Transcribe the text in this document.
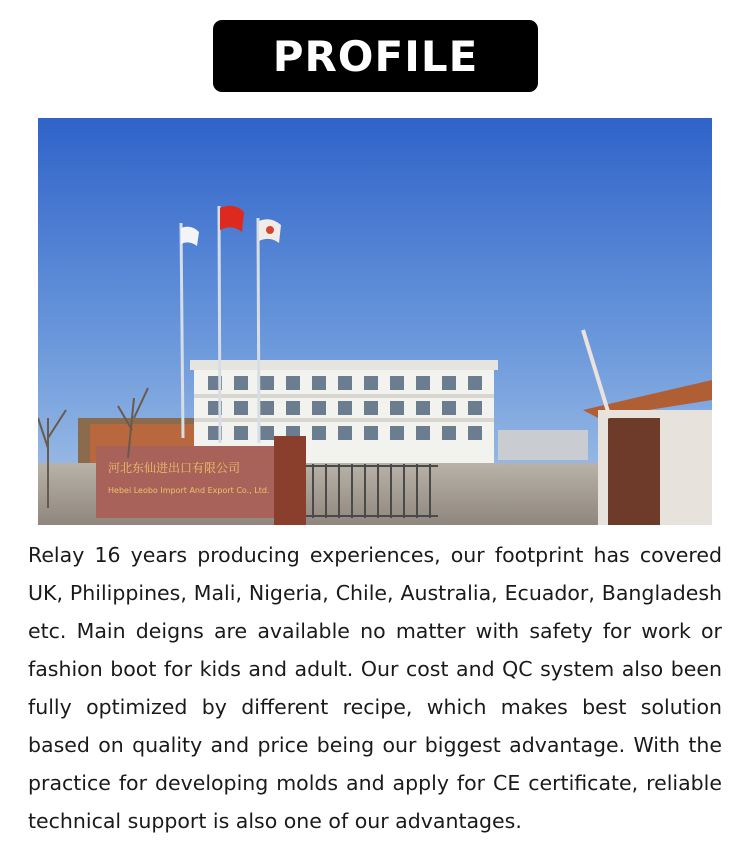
PROFILE
河北东仙进出口有限公司
Hebei Leobo Import And Export Co., Ltd.
Relay 16 years producing experiences, our footprint has covered UK, Philippines, Mali, Nigeria, Chile, Australia, Ecuador, Bangladesh etc. Main deigns are available no matter with safety for work or fashion boot for kids and adult. Our cost and QC system also been fully optimized by different recipe, which makes best solution based on quality and price being our biggest advantage. With the practice for developing molds and apply for CE certificate, reliable technical support is also one of our advantages.
